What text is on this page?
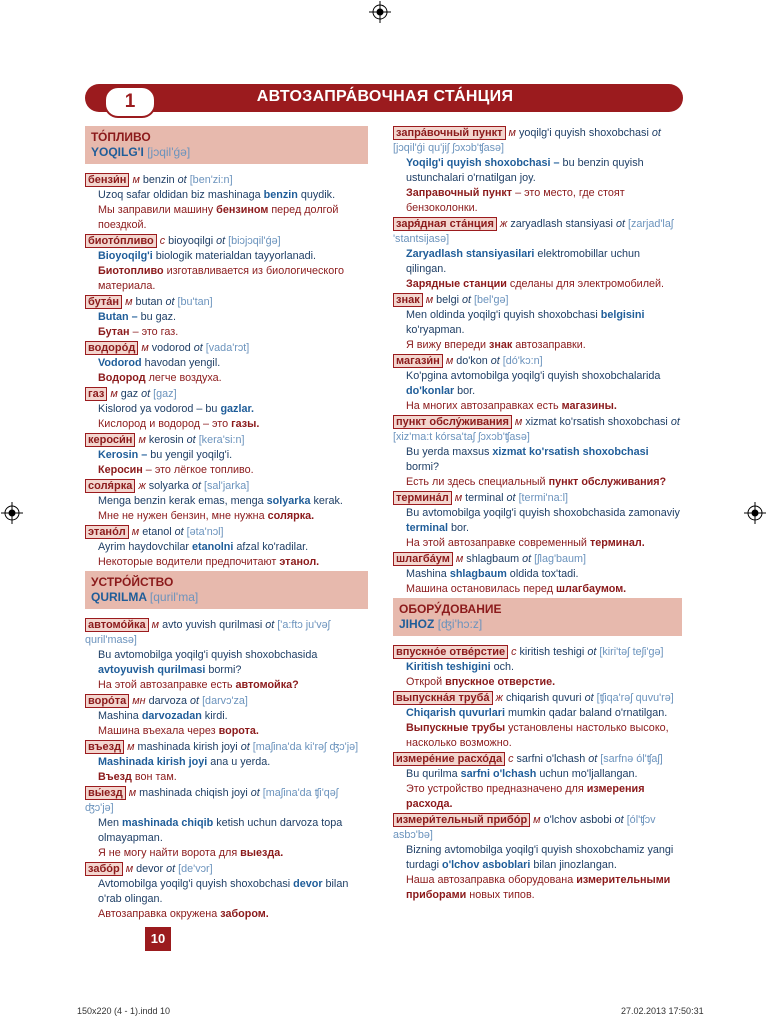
1	АВТОЗАПРА́ВОЧНАЯ СТА́НЦИЯ
ТО́ПЛИВО
YOQILG'I [jɔqil'ǵə]
бензи́н м benzin ot [ben'zi:n]
Uzoq safar oldidan biz mashinaga benzin quydik.
Мы заправили машину бензином перед долгой поездкой.
биото́пливо с bioyoqilgi ot [biɔjɔqil'ǵə]
Bioyoqilg'i biologik materialdan tayyorlanadi.
Биотопливо изготавливается из биологического материала.
бута́н м butan ot [bu'tan]
Butan – bu gaz.
Бутан – это газ.
водоро́д м vodorod ot [vada'rɔt]
Vodorod havodan yengil.
Водород легче воздуха.
газ м gaz ot [gaz]
Kislorod ya vodorod – bu gazlar.
Кислород и водород – это газы.
кероси́н м kerosin ot [kera'si:n]
Kerosin – bu yengil yoqilg'i.
Керосин – это лёгкое топливо.
соля́рка ж solyarka ot [sal'jarka]
Menga benzin kerak emas, menga solyarka kerak.
Мне не нужен бензин, мне нужна солярка.
этано́л м etanol ot [əta'nɔl]
Ayrim haydovchilar etanolni afzal ko'radilar.
Некоторые водители предпочитают этанол.
УСТРО́ЙСТВО
QURILMA [quril'ma]
автомо́йка м avto yuvish qurilmasi ot ['a:ftɔ ju'vəʃ quril'masə]
Bu avtomobilga yoqilg'i quyish shoxobchasida avtoyuvish qurilmasi bormi?
На этой автозаправке есть автомойка?
воро́та мн darvoza ot [darvɔ'za]
Mashina darvozadan kirdi.
Машина въехала через ворота.
въезд м mashinada kirish joyi ot [maʃina'da ki'rəʃ ʤɔ'jə]
Mashinada kirish joyi ana u yerda.
Въезд вон там.
вы́езд м mashinada chiqish joyi ot [maʃina'da ʧi'qəʃ ʤɔ'jə]
Men mashinada chiqib ketish uchun darvoza topa olmayapman.
Я не могу найти ворота для выезда.
забо́р м devor ot [de'vɔr]
Avtomobilga yoqilg'i quyish shoxobchasi devor bilan o'rab olingan.
Автозаправка окружена забором.
запра́вочный пункт м yoqilg'i quyish shoxobchasi ot [jɔqil'ǵi qu'jiʃ ʃɔxɔb'ʧasə]
Yoqilg'i quyish shoxobchasi – bu benzin quyish ustunchalari o'rnatilgan joy.
Заправочный пункт – это место, где стоят бензоколонки.
заря́дная ста́нция ж zaryadlash stansiyasi ot [zarjad'laʃ 'stantsijasə]
Zaryadlash stansiyasilari elektromobillar uchun qilingan.
Зарядные станции сделаны для электромобилей.
знак м belgi ot [bel'gə]
Men oldinda yoqilg'i quyish shoxobchasi belgisini ko'ryapman.
Я вижу впереди знак автозаправки.
магази́н м do'kon ot [dó'kɔ:n]
Ko'pgina avtomobilga yoqilg'i quyish shoxobchalarida do'konlar bor.
На многих автозаправках есть магазины.
пункт обслу́живания м xizmat ko'rsatish shoxobchasi ot [xiz'ma:t kórsa'taʃ ʃɔxɔb'ʧasə]
Bu yerda maxsus xizmat ko'rsatish shoxobchasi bormi?
Есть ли здесь специальный пункт обслуживания?
термина́л м terminal ot [termi'na:l]
Bu avtomobilga yoqilg'i quyish shoxobchasida zamonaviy terminal bor.
На этой автозаправке современный терминал.
шлагба́ум м shlagbaum ot [ʃlag'baum]
Mashina shlagbaum oldida tox'tadi.
Машина остановилась перед шлагбаумом.
ОБОРУ́ДОВАНИЕ
JIHOZ [ʤi'hɔ:z]
впускно́е отве́рстие с kiritish teshigi ot [kiri'təʃ teʃi'gə]
Kiritish teshigini och.
Открой впускное отверстие.
выпускна́я труба́ ж chiqarish quvuri ot [ʧiqa'rəʃ quvu'rə]
Chiqarish quvurlari mumkin qadar baland o'rnatilgan.
Выпускные трубы установлены настолько высоко, насколько возможно.
измере́ние расхо́да с sarfni o'lchash ot [sarfnə ól'ʧaʃ]
Bu qurilma sarfni o'lchash uchun mo'ljallangan.
Это устройство предназначено для измерения расхода.
измери́тельный прибо́р м o'lchov asbobi ot [ól'ʧɔv asbɔ'bə]
Bizning avtomobilga yoqilg'i quyish shoxobchamiz yangi turdagi o'lchov asboblari bilan jinozlangan.
Наша автозаправка оборудована измерительными приборами новых типов.
10
150x220 (4 - 1).indd 10	27.02.2013 17:50:31
